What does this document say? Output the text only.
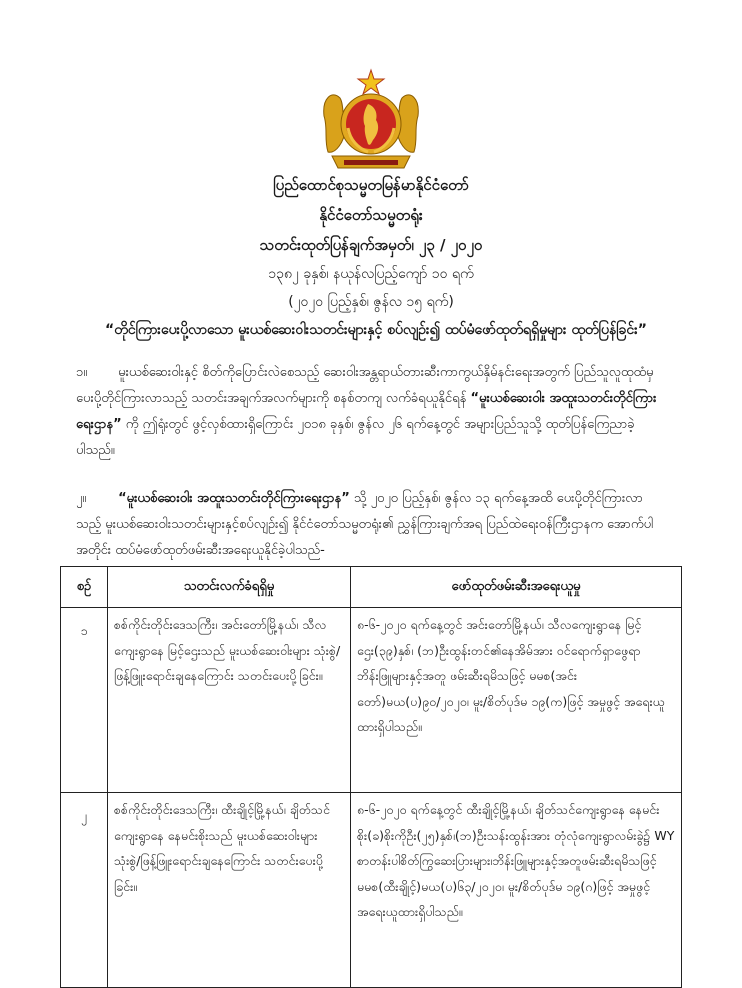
ပြည်ထောင်စုသမ္မတမြန်မာနိုင်ငံတော်
နိုင်ငံတော်သမ္မတရုံး
သတင်းထုတ်ပြန်ချက်အမှတ်၊ ၂၃ / ၂၀၂၀
၁၃၈၂ ခုနှစ်၊ နယုန်လပြည့်ကျော် ၁၀ ရက်
(၂၀၂၀ ပြည့်နှစ်၊ ဇွန်လ ၁၅ ရက်)
“တိုင်ကြားပေးပို့လာသော မူးယစ်ဆေးဝါးသတင်းများနှင့် စပ်လျဉ်း၍ ထပ်မံဖော်ထုတ်ရရှိမှုများ ထုတ်ပြန်ခြင်း”
၁။ မူးယစ်ဆေးဝါးနှင့် စိတ်ကိုပြောင်းလဲစေသည့် ဆေးဝါးအန္တရာယ်တားဆီးကာကွယ်နှိမ်နင်းရေးအတွက် ပြည်သူလူထုထံမှ ပေးပို့တိုင်ကြားလာသည့် သတင်းအချက်အလက်များကို စနစ်တကျ လက်ခံရယူနိုင်ရန် “မူးယစ်ဆေးဝါး အထူးသတင်းတိုင်ကြားရေးဌာန” ကို ဤရုံးတွင် ဖွင့်လှစ်ထားရှိကြောင်း ၂၀၁၈ ခုနှစ်၊ ဇွန်လ ၂၆ ရက်နေ့တွင် အများပြည်သူသို့ ထုတ်ပြန်ကြေညာခဲ့ပါသည်။
၂။ “မူးယစ်ဆေးဝါး အထူးသတင်းတိုင်ကြားရေးဌာန” သို့ ၂၀၂၀ ပြည့်နှစ်၊ ဇွန်လ ၁၃ ရက်နေ့အထိ ပေးပို့တိုင်ကြားလာသည့် မူးယစ်ဆေးဝါးသတင်းများနှင့်စပ်လျဉ်း၍ နိုင်ငံတော်သမ္မတရုံး၏ ညွှန်ကြားချက်အရ ပြည်ထဲရေးဝန်ကြီးဌာနက အောက်ပါအတိုင်း ထပ်မံဖော်ထုတ်ဖမ်းဆီးအရေးယူနိုင်ခဲ့ပါသည်-
စဉ်	သတင်းလက်ခံရရှိမှု	ဖော်ထုတ်ဖမ်းဆီးအရေးယူမှု
၁	စစ်ကိုင်းတိုင်းဒေသကြီး၊ အင်းတော်မြို့နယ်၊ သီလကျေးရွာနေ မြင့်ဌေးသည် မူးယစ်ဆေးဝါးများ သုံးစွဲ/ဖြန့်ဖြူးရောင်းချနေကြောင်း သတင်းပေးပို့ခြင်း။	၈-၆-၂၀၂၀ ရက်နေ့တွင် အင်းတော်မြို့နယ်၊ သီလကျေးရွာနေ မြင့်ဌေး(၃၉)နှစ်၊ (ဘ)ဦးထွန်းတင်၏နေအိမ်အား ဝင်ရောက်ရှာဖွေရာ ဘိန်းဖြူများနှင့်အတူ ဖမ်းဆီးရမိသဖြင့် မမစ(အင်းတော်)မယ(ပ)၉၀/၂၀၂၀၊ မူး/စိတ်ပုဒ်မ ၁၉(က)ဖြင့် အမှုဖွင့် အရေးယူထားရှိပါသည်။
၂	စစ်ကိုင်းတိုင်းဒေသကြီး၊ ထီးချိုင့်မြို့နယ်၊ ချိတ်သင်ကျေးရွာနေ နေမင်းစိုးသည် မူးယစ်ဆေးဝါးများ သုံးစွဲ/ဖြန့်ဖြူးရောင်းချနေကြောင်း သတင်းပေးပို့ခြင်း။	၈-၆-၂၀၂၀ ရက်နေ့တွင် ထီးချိုင့်မြို့နယ်၊ ချိတ်သင်ကျေးရွာနေ နေမင်းစိုး(ခ)စိုးကိုဦး(၂၅)နှစ်၊(ဘ)ဦးသန်းထွန်းအား တုံလုံကျေးရွာလမ်းခွဲ၌ WY စာတန်းပါစိတ်ကြွဆေးပြားများ၊ဘိန်းဖြူများနှင့်အတူဖမ်းဆီးရမိသဖြင့် မမစ(ထီးချိုင့်)မယ(ပ)၆၃/၂၀၂၀၊ မူး/စိတ်ပုဒ်မ ၁၉(ဂ)ဖြင့် အမှုဖွင့် အရေးယူထားရှိပါသည်။
